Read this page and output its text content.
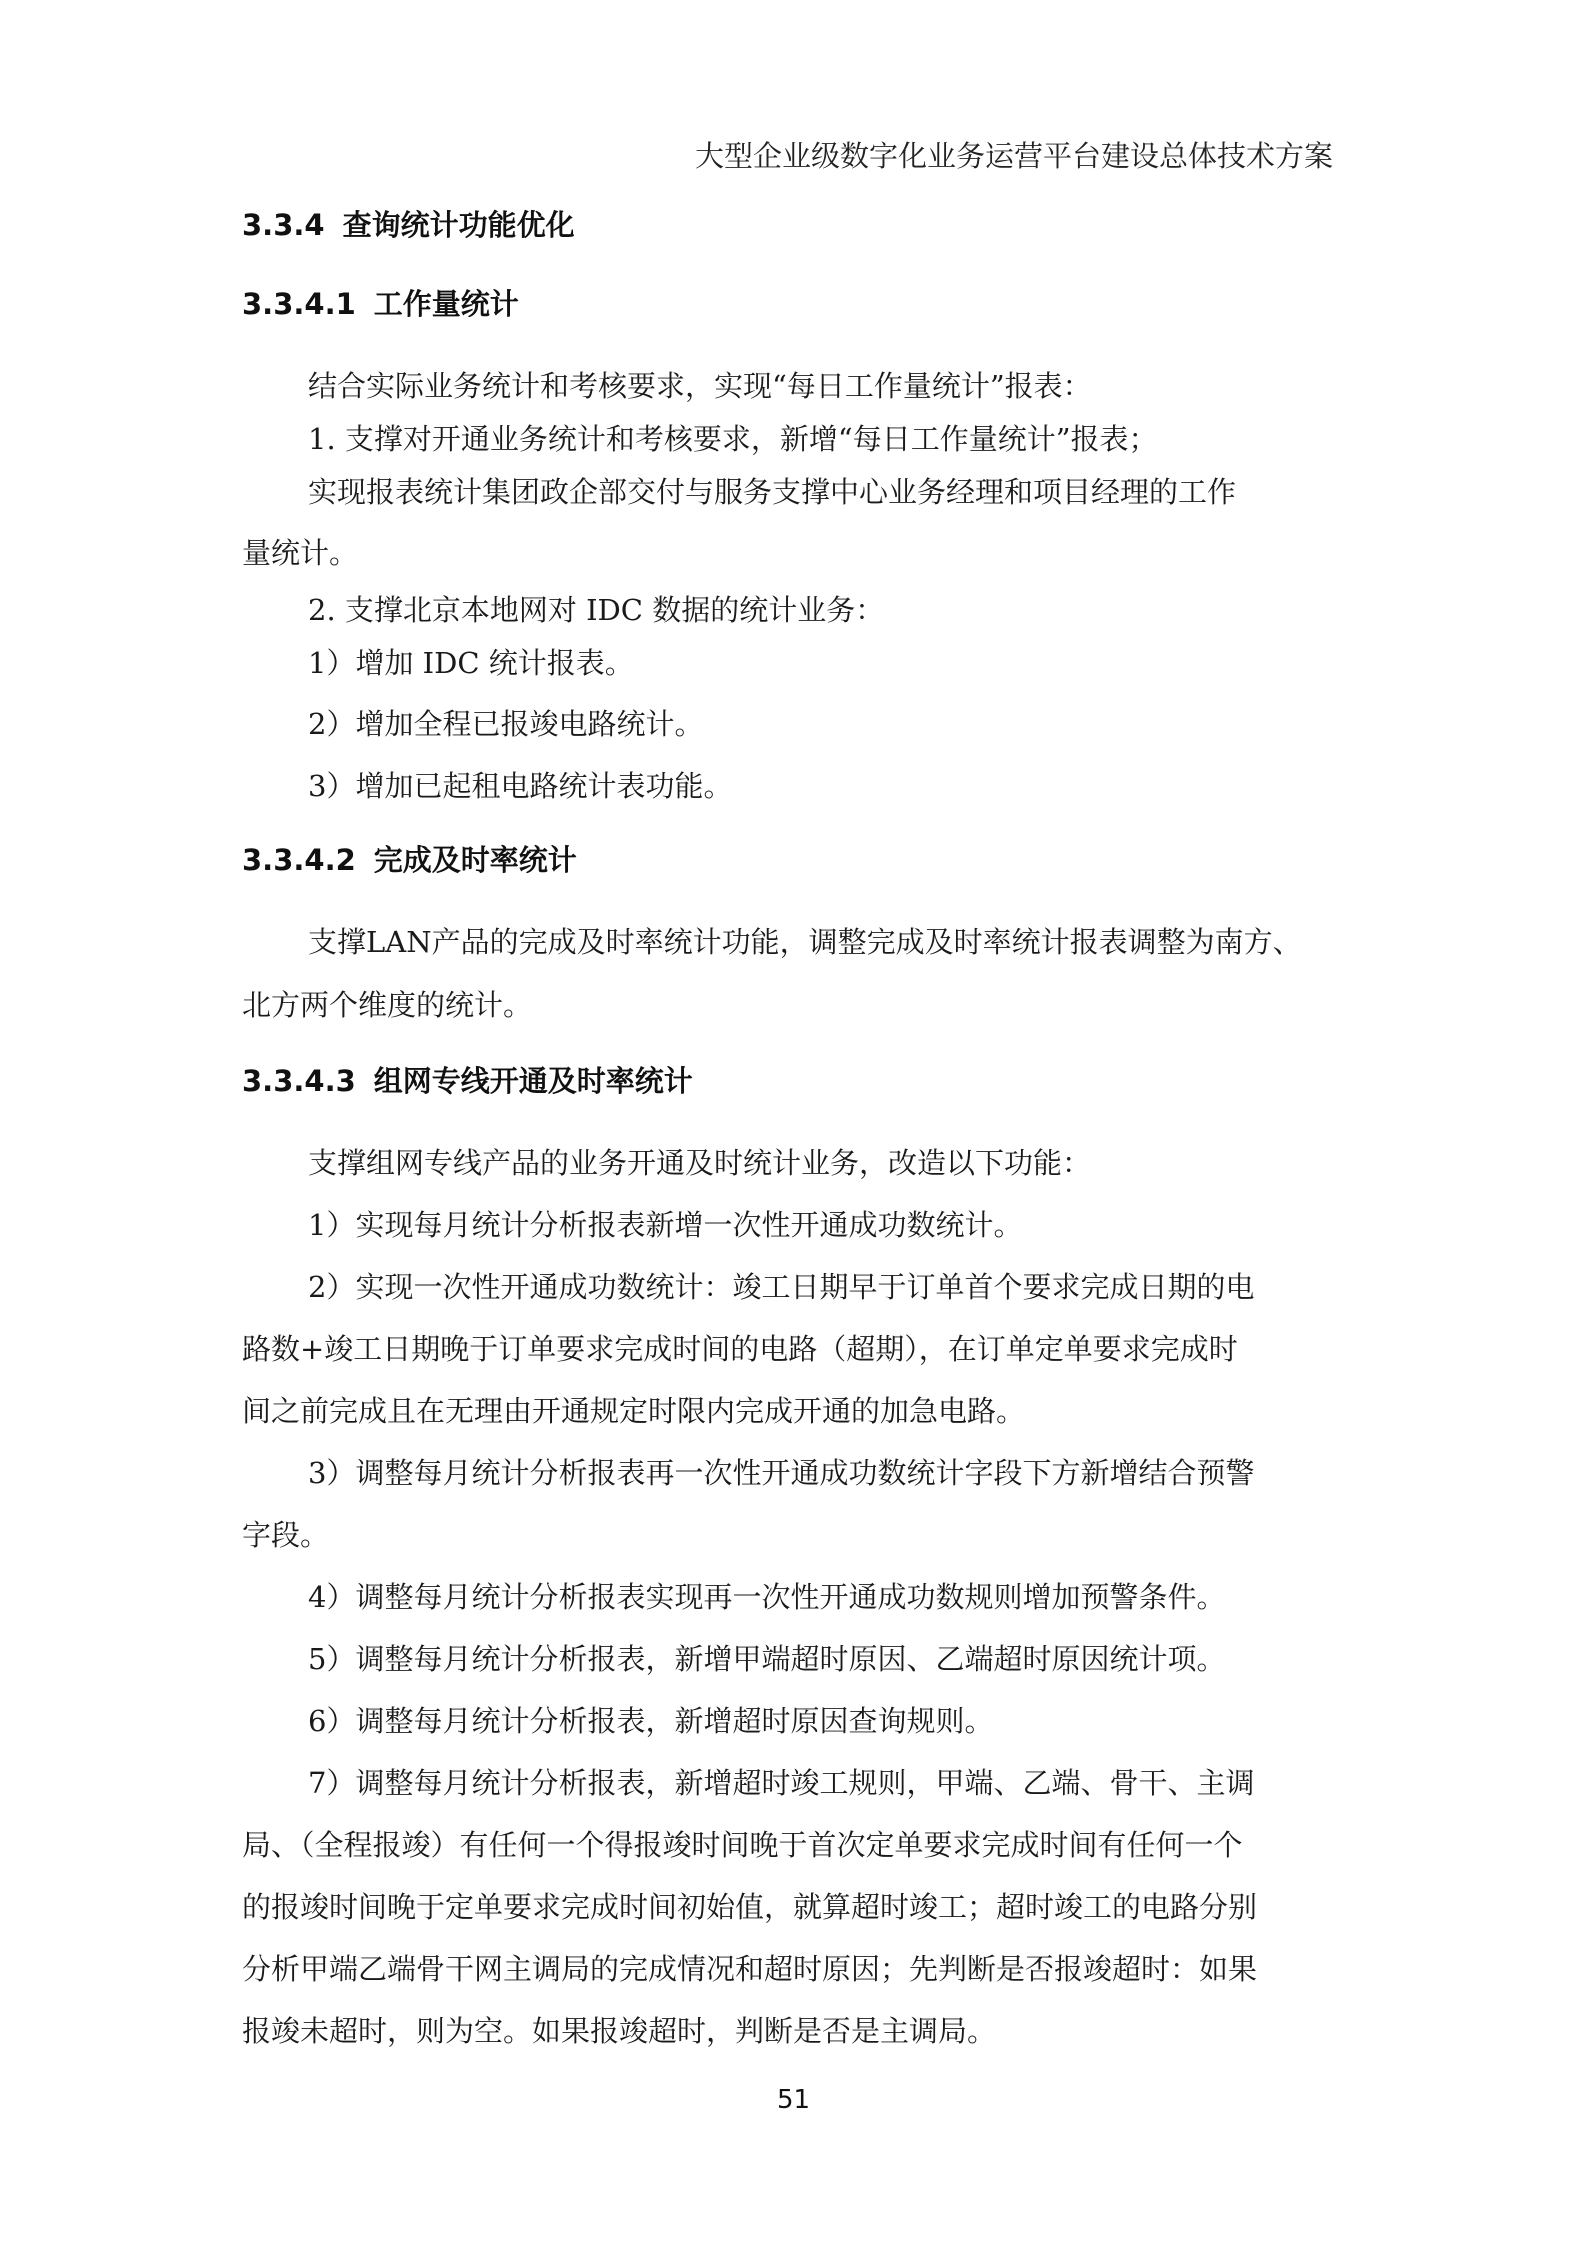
大型企业级数字化业务运营平台建设总体技术方案
3.3.4 查询统计功能优化
3.3.4.1 工作量统计
结合实际业务统计和考核要求，实现“每日工作量统计”报表：
1. 支撑对开通业务统计和考核要求，新增“每日工作量统计”报表；
实现报表统计集团政企部交付与服务支撑中心业务经理和项目经理的工作
量统计。
2. 支撑北京本地网对 IDC 数据的统计业务：
1）增加 IDC 统计报表。
2）增加全程已报竣电路统计。
3）增加已起租电路统计表功能。
3.3.4.2 完成及时率统计
支撑LAN产品的完成及时率统计功能，调整完成及时率统计报表调整为南方、
北方两个维度的统计。
3.3.4.3 组网专线开通及时率统计
支撑组网专线产品的业务开通及时统计业务，改造以下功能：
1）实现每月统计分析报表新增一次性开通成功数统计。
2）实现一次性开通成功数统计：竣工日期早于订单首个要求完成日期的电
路数+竣工日期晚于订单要求完成时间的电路（超期），在订单定单要求完成时
间之前完成且在无理由开通规定时限内完成开通的加急电路。
3）调整每月统计分析报表再一次性开通成功数统计字段下方新增结合预警
字段。
4）调整每月统计分析报表实现再一次性开通成功数规则增加预警条件。
5）调整每月统计分析报表，新增甲端超时原因、乙端超时原因统计项。
6）调整每月统计分析报表，新增超时原因查询规则。
7）调整每月统计分析报表，新增超时竣工规则，甲端、乙端、骨干、主调
局、（全程报竣）有任何一个得报竣时间晚于首次定单要求完成时间有任何一个
的报竣时间晚于定单要求完成时间初始值，就算超时竣工；超时竣工的电路分别
分析甲端乙端骨干网主调局的完成情况和超时原因；先判断是否报竣超时：如果
报竣未超时，则为空。如果报竣超时，判断是否是主调局。
51
